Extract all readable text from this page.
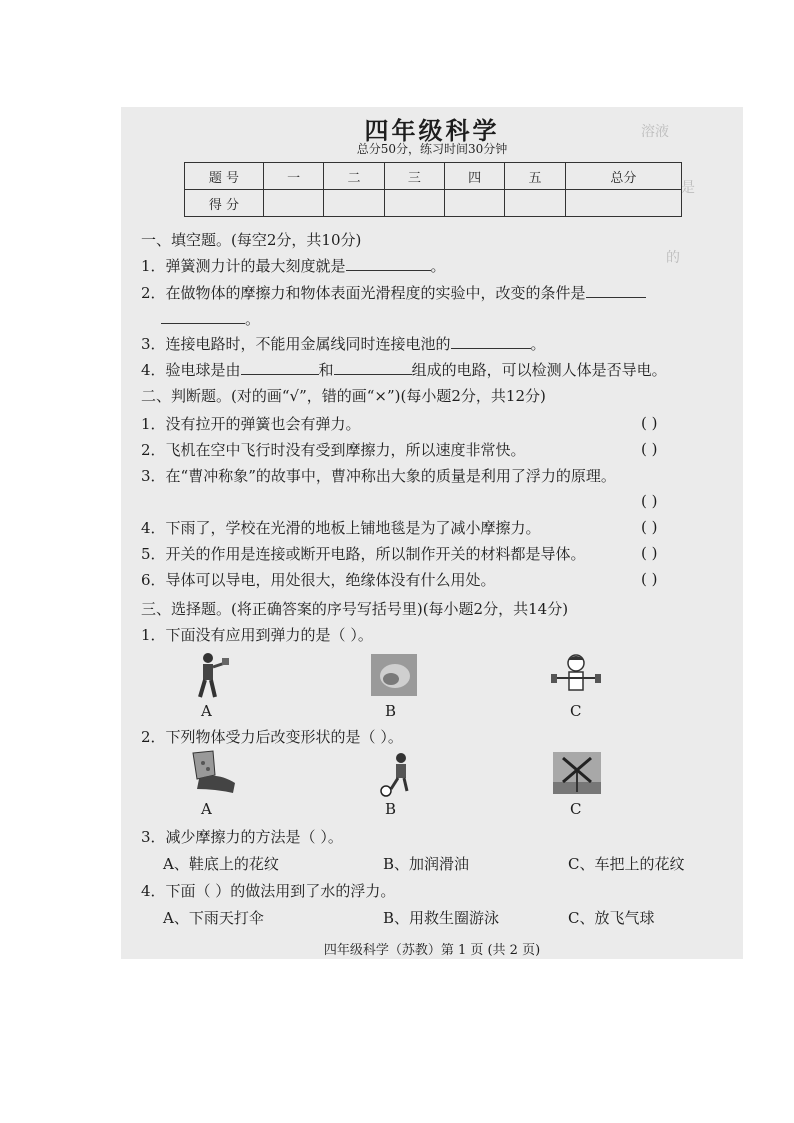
溶液
是
的
四年级科学
总分50分，练习时间30分钟
题 号	一	二	三	四	五	总分
得 分						
一、填空题。(每空2分，共10分)
1．弹簧测力计的最大刻度就是	。
2．在做物体的摩擦力和物体表面光滑程度的实验中，改变的条件是
。
3．连接电路时，不能用金属线同时连接电池的	。
4．验电球是由	和	组成的电路，可以检测人体是否导电。
二、判断题。(对的画“√”，错的画“×”)(每小题2分，共12分)
1．没有拉开的弹簧也会有弹力。	( )
2．飞机在空中飞行时没有受到摩擦力，所以速度非常快。	( )
3．在“曹冲称象”的故事中，曹冲称出大象的质量是利用了浮力的原理。
( )
4．下雨了，学校在光滑的地板上铺地毯是为了减小摩擦力。	( )
5．开关的作用是连接或断开电路，所以制作开关的材料都是导体。	( )
6．导体可以导电，用处很大，绝缘体没有什么用处。	( )
三、选择题。(将正确答案的序号写括号里)(每小题2分，共14分)
1．下面没有应用到弹力的是（ ）。
A	B	C
2．下列物体受力后改变形状的是（ ）。
A	B	C
3．减少摩擦力的方法是（ ）。
A、鞋底上的花纹	B、加润滑油	C、车把上的花纹
4．下面（ ）的做法用到了水的浮力。
A、下雨天打伞	B、用救生圈游泳	C、放飞气球
四年级科学（苏教）第 1 页 (共 2 页)
